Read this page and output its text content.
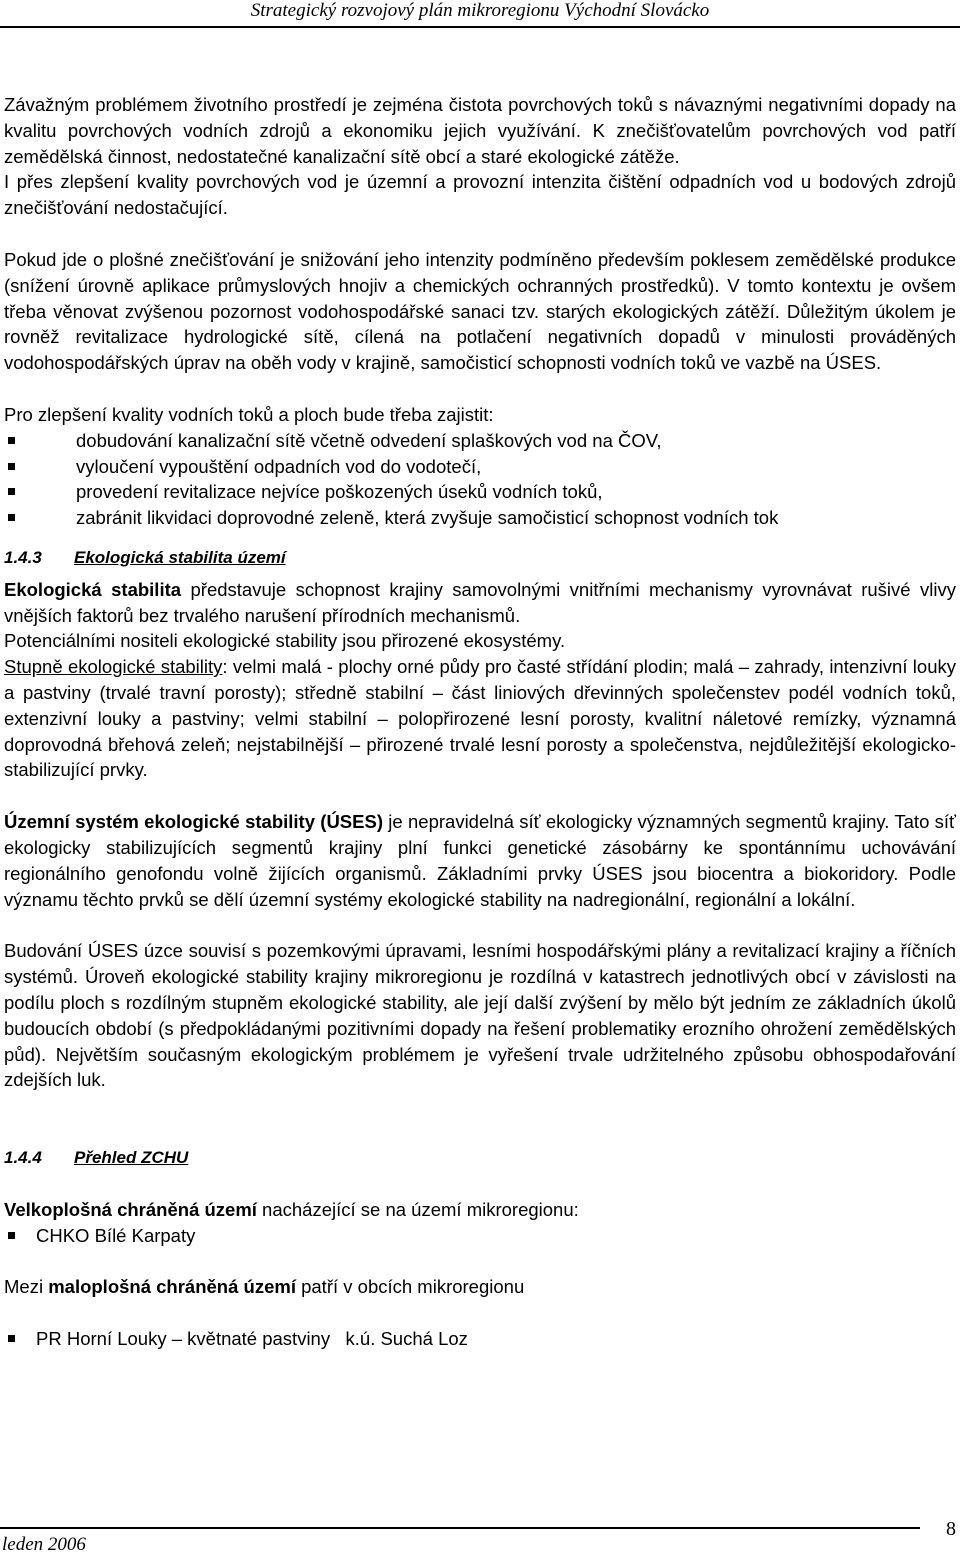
Strategický rozvojový plán mikroregionu Východní Slovácko

Závažným problémem životního prostředí je zejména čistota povrchových toků s návaznými negativními dopady na kvalitu povrchových vodních zdrojů a ekonomiku jejich využívání. K znečišťovatelům povrchových vod patří zemědělská činnost, nedostatečné kanalizační sítě obcí a staré ekologické zátěže.
I přes zlepšení kvality povrchových vod je územní a provozní intenzita čištění odpadních vod u bodových zdrojů znečišťování nedostačující.

Pokud jde o plošné znečišťování je snižování jeho intenzity podmíněno především poklesem zemědělské produkce (snížení úrovně aplikace průmyslových hnojiv a chemických ochranných prostředků). V tomto kontextu je ovšem třeba věnovat zvýšenou pozornost vodohospodářské sanaci tzv. starých ekologických zátěží. Důležitým úkolem je rovněž revitalizace hydrologické sítě, cílená na potlačení negativních dopadů v minulosti prováděných vodohospodářských úprav na oběh vody v krajině, samočisticí schopnosti vodních toků ve vazbě na ÚSES.

Pro zlepšení kvality vodních toků a ploch bude třeba zajistit:

dobudování kanalizační sítě včetně odvedení splaškových vod na ČOV,
vyloučení vypouštění odpadních vod do vodotečí,
provedení revitalizace nejvíce poškozených úseků vodních toků,
zabránit likvidaci doprovodné zeleně, která zvyšuje samočisticí schopnost vodních tok
1.4.3 Ekologická stabilita území

Ekologická stabilita představuje schopnost krajiny samovolnými vnitřními mechanismy vyrovnávat rušivé vlivy vnějších faktorů bez trvalého narušení přírodních mechanismů.
Potenciálními nositeli ekologické stability jsou přirozené ekosystémy.
Stupně ekologické stability: velmi malá - plochy orné půdy pro časté střídání plodin; malá – zahrady, intenzivní louky a pastviny (trvalé travní porosty); středně stabilní – část liniových dřevinných společenstev podél vodních toků, extenzivní louky a pastviny; velmi stabilní – polopřirozené lesní porosty, kvalitní náletové remízky, významná doprovodná břehová zeleň; nejstabilnější – přirozené trvalé lesní porosty a společenstva, nejdůležitější ekologicko-stabilizující prvky.

Územní systém ekologické stability (ÚSES) je nepravidelná síť ekologicky významných segmentů krajiny. Tato síť ekologicky stabilizujících segmentů krajiny plní funkci genetické zásobárny ke spontánnímu uchovávání regionálního genofondu volně žijících organismů. Základními prvky ÚSES jsou biocentra a biokoridory. Podle významu těchto prvků se dělí územní systémy ekologické stability na nadregionální, regionální a lokální.

Budování ÚSES úzce souvisí s pozemkovými úpravami, lesními hospodářskými plány a revitalizací krajiny a říčních systémů. Úroveň ekologické stability krajiny mikroregionu je rozdílná v katastrech jednotlivých obcí v závislosti na podílu ploch s rozdílným stupněm ekologické stability, ale její další zvýšení by mělo být jedním ze základních úkolů budoucích období (s předpokládanými pozitivními dopady na řešení problematiky erozního ohrožení zemědělských půd). Největším současným ekologickým problémem je vyřešení trvale udržitelného způsobu obhospodařování zdejších luk.

1.4.4 Přehled ZCHU

Velkoplošná chráněná území nacházející se na území mikroregionu:

CHKO Bílé Karpaty

Mezi maloplošná chráněná území patří v obcích mikroregionu

PR Horní Louky – květnaté pastviny   k.ú. Suchá Loz
leden 2006
8
